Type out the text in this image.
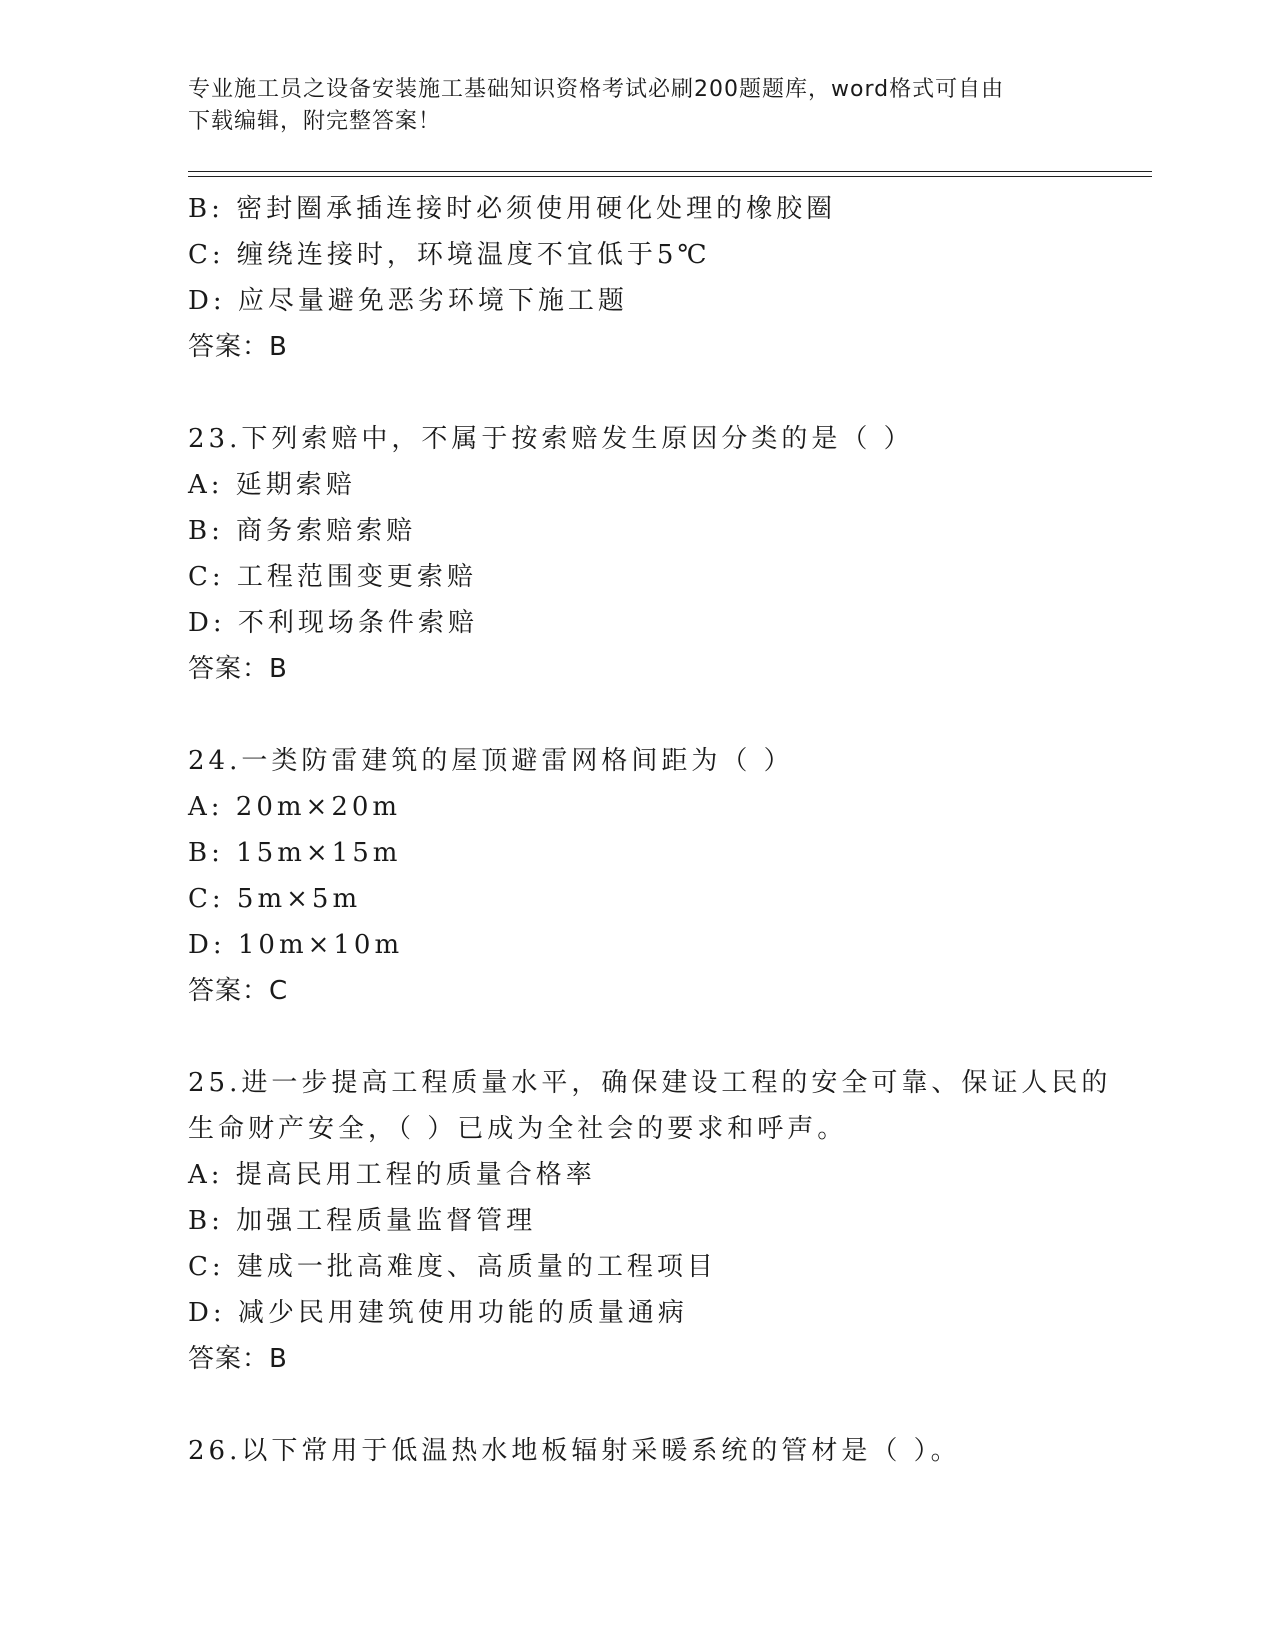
专业施工员之设备安装施工基础知识资格考试必刷200题题库，word格式可自由
下载编辑，附完整答案！
B: 密封圈承插连接时必须使用硬化处理的橡胶圈
C: 缠绕连接时，环境温度不宜低于5℃
D: 应尽量避免恶劣环境下施工题
答案：B
23.下列索赔中，不属于按索赔发生原因分类的是（ ）
A: 延期索赔
B: 商务索赔索赔
C: 工程范围变更索赔
D: 不利现场条件索赔
答案：B
24.一类防雷建筑的屋顶避雷网格间距为（ ）
A: 20m×20m
B: 15m×15m
C: 5m×5m
D: 10m×10m
答案：C
25.进一步提高工程质量水平，确保建设工程的安全可靠、保证人民的
生命财产安全，（ ）已成为全社会的要求和呼声。
A: 提高民用工程的质量合格率
B: 加强工程质量监督管理
C: 建成一批高难度、高质量的工程项目
D: 减少民用建筑使用功能的质量通病
答案：B
26.以下常用于低温热水地板辐射采暖系统的管材是（ ）。
